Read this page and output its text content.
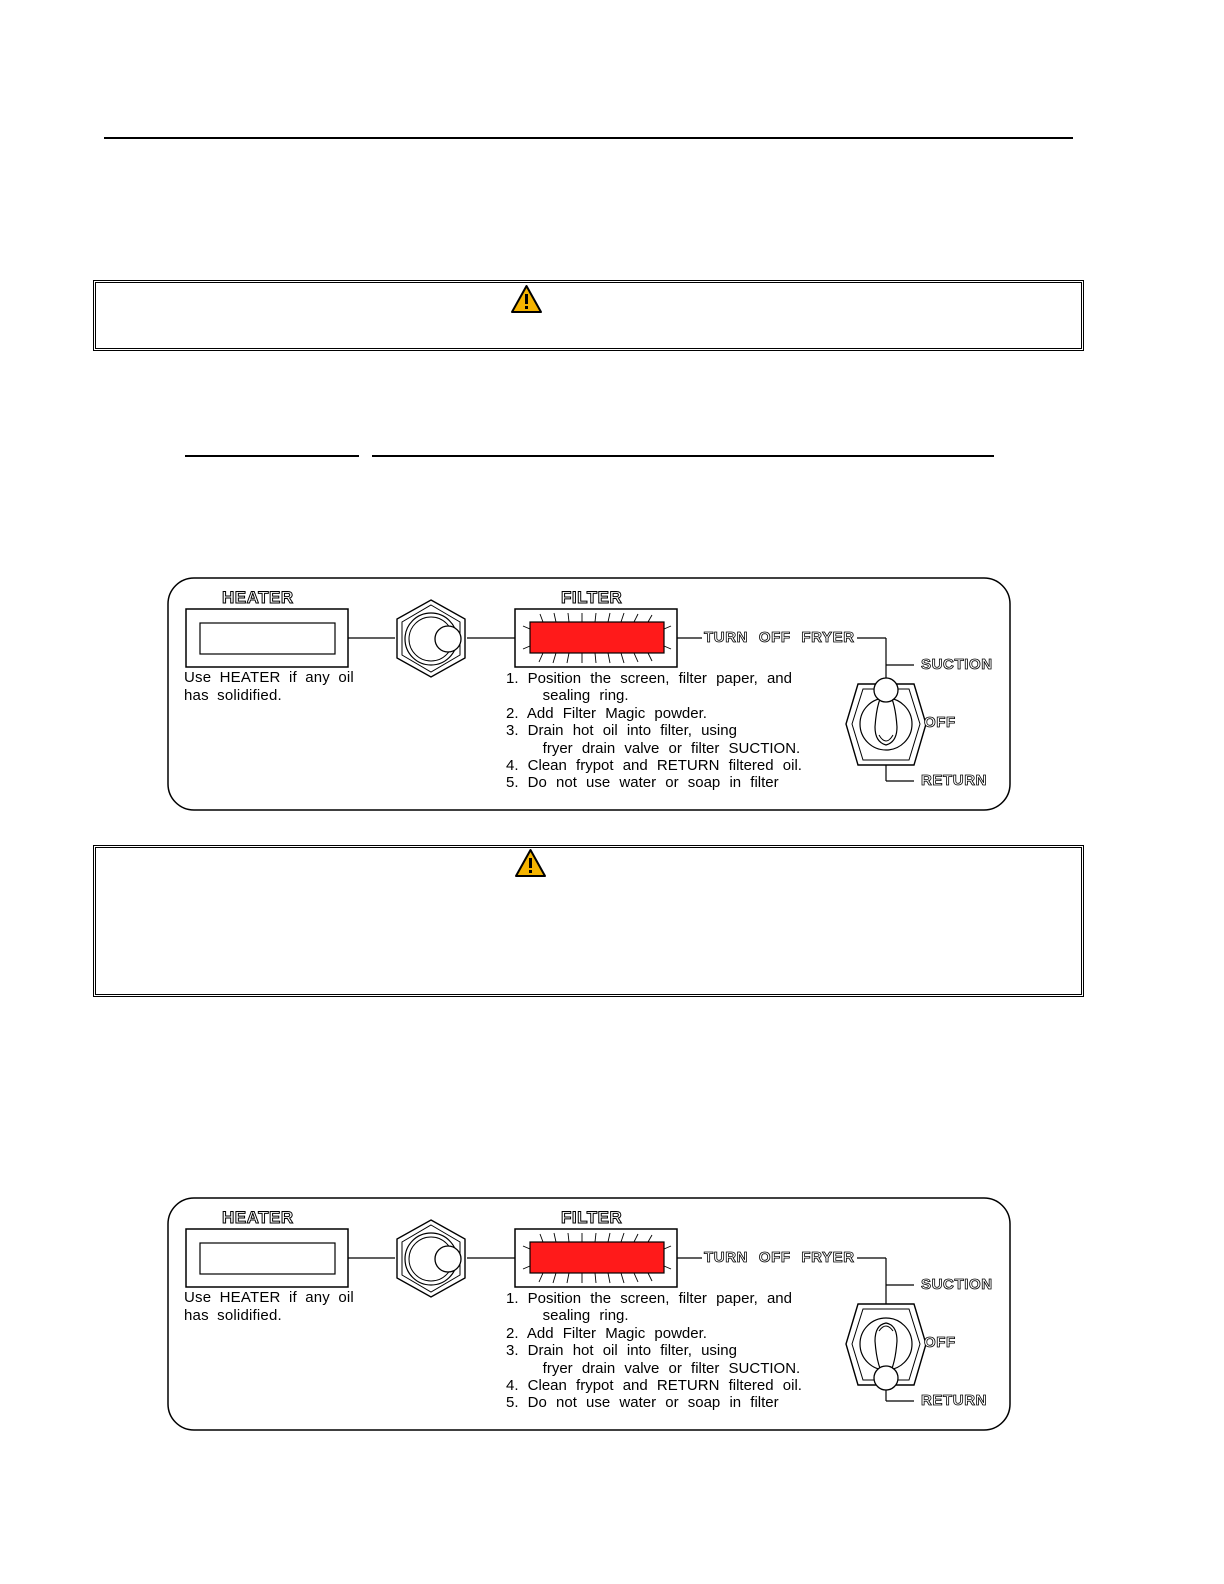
HEATER	FILTER
TURN OFF FRYER
SUCTION
OFF
RETURN
Use HEATER if any oil
has solidified.
1. Position the screen, filter paper, and
sealing ring.
2. Add Filter Magic powder.
3. Drain hot oil into filter, using
fryer drain valve or filter SUCTION.
4. Clean frypot and RETURN filtered oil.
5. Do not use water or soap in filter
HEATER	FILTER
TURN OFF FRYER
SUCTION
OFF
RETURN
Use HEATER if any oil
has solidified.
1. Position the screen, filter paper, and
sealing ring.
2. Add Filter Magic powder.
3. Drain hot oil into filter, using
fryer drain valve or filter SUCTION.
4. Clean frypot and RETURN filtered oil.
5. Do not use water or soap in filter
